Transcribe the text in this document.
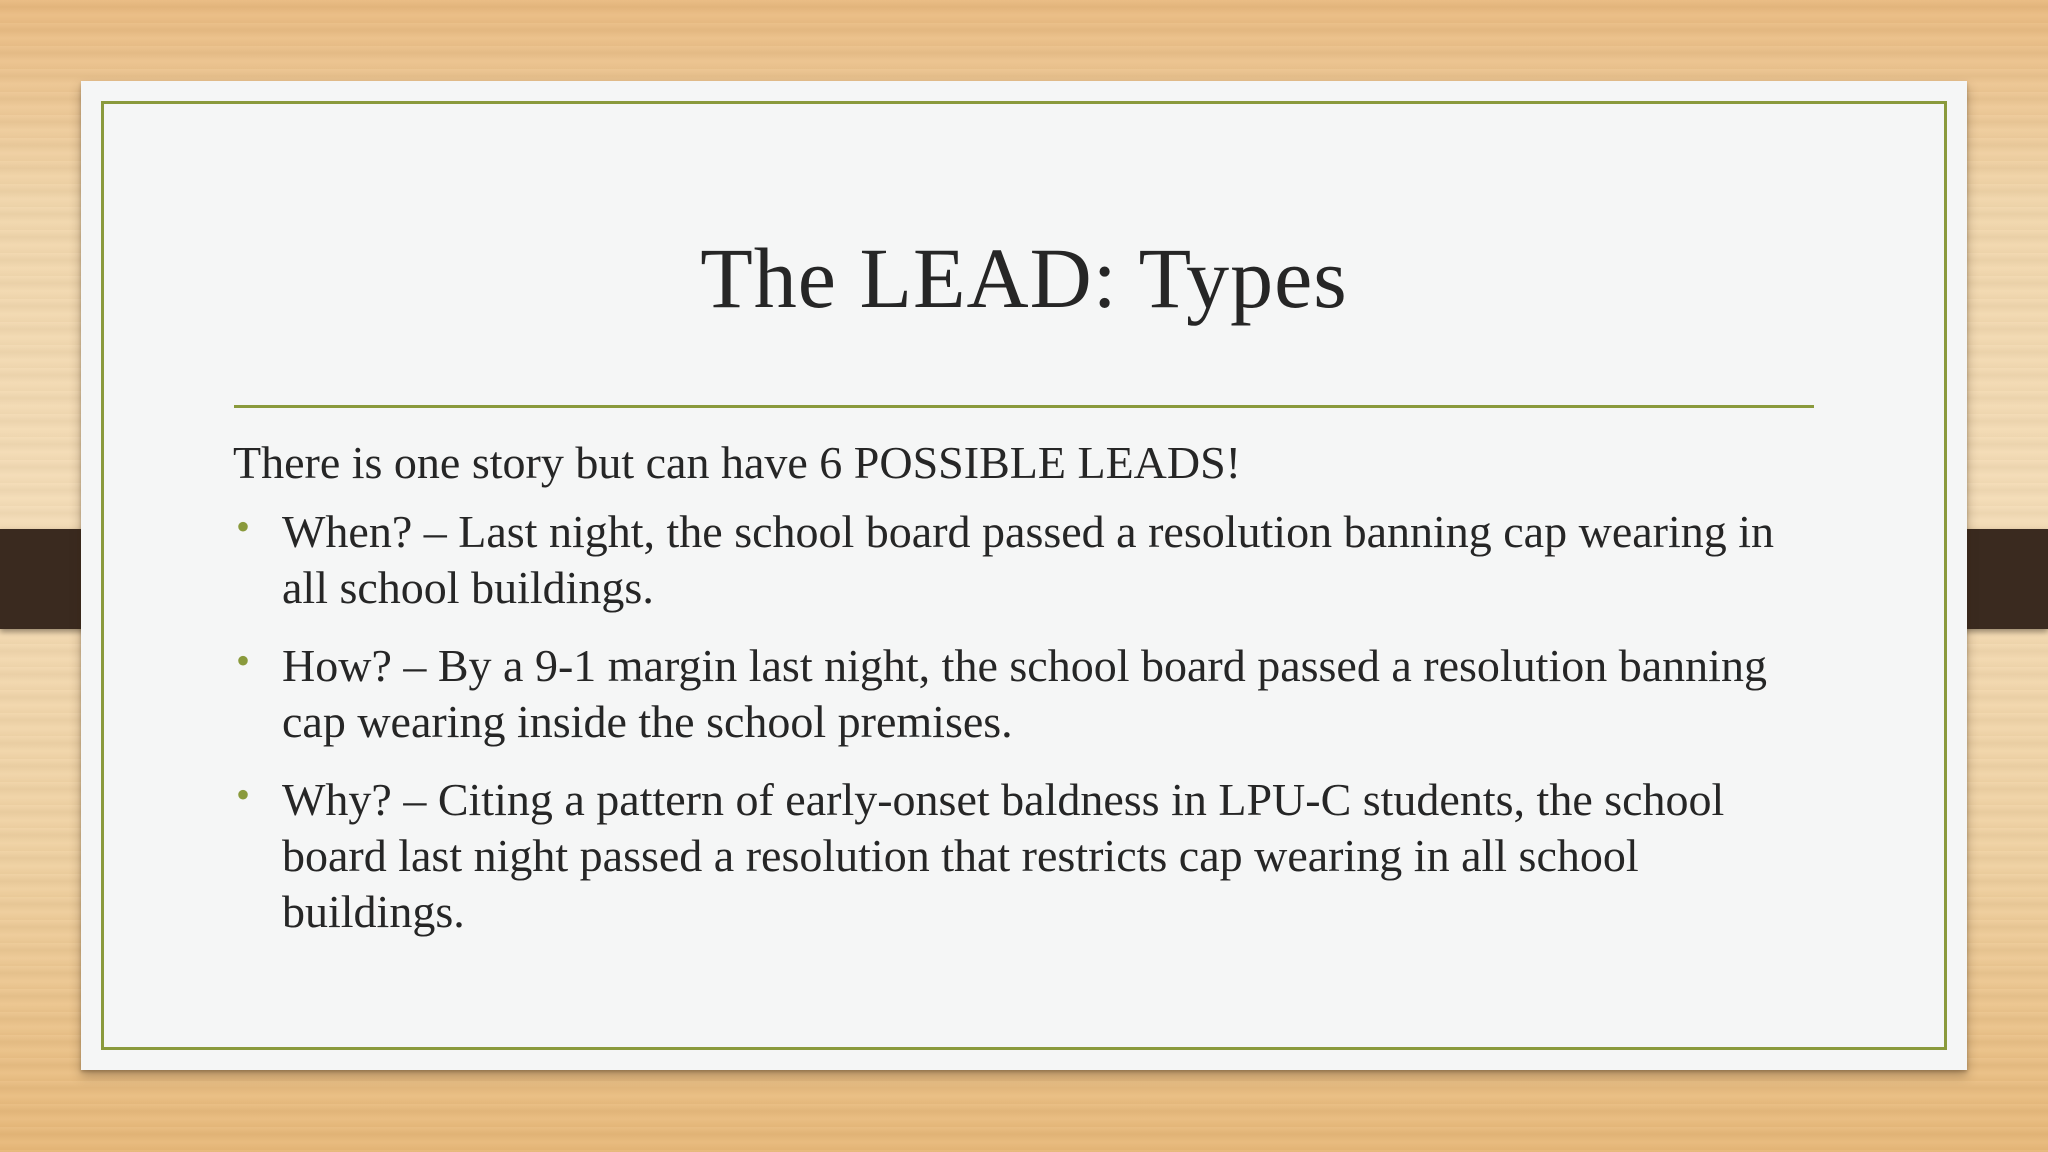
The LEAD: Types

There is one story but can have 6 POSSIBLE LEADS!

• When? – Last night, the school board passed a resolution banning cap wearing in all school buildings.
• How? – By a 9-1 margin last night, the school board passed a resolution banning cap wearing inside the school premises.
• Why? – Citing a pattern of early-onset baldness in LPU-C students, the school board last night passed a resolution that restricts cap wearing in all school buildings.
